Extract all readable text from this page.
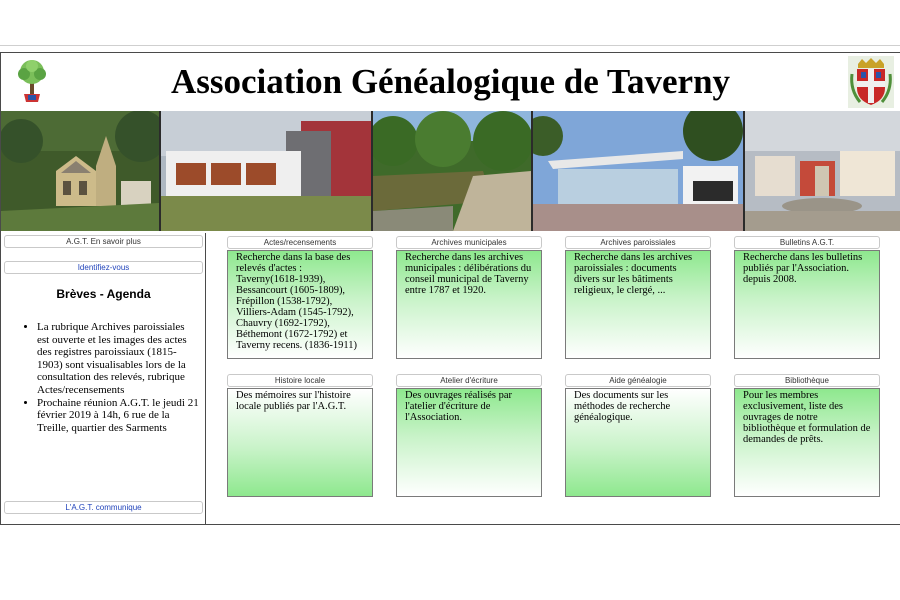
Association Généalogique de Taverny
A.G.T. En savoir plus
Identifiez-vous
Brèves - Agenda
• La rubrique Archives paroissiales est ouverte et les images des actes des registres paroissiaux (1815-1903) sont visualisables lors de la consultation des relevés, rubrique Actes/recensements
• Prochaine réunion A.G.T. le jeudi 21 février 2019 à 14h, 6 rue de la Treille, quartier des Sarments
L'A.G.T. communique
Actes/recensements
Recherche dans la base des relevés d'actes : Taverny(1618-1939), Bessancourt (1605-1809), Frépillon (1538-1792), Villiers-Adam (1545-1792), Chauvry (1692-1792), Béthemont (1672-1792) et Taverny recens. (1836-1911)
Archives municipales
Recherche dans les archives municipales : délibérations du conseil municipal de Taverny entre 1787 et 1920.
Archives paroissiales
Recherche dans les archives paroissiales : documents divers sur les bâtiments religieux, le clergé, ...
Bulletins A.G.T.
Recherche dans les bulletins publiés par l'Association. depuis 2008.
Histoire locale
Des mémoires sur l'histoire locale publiés par l'A.G.T.
Atelier d'écriture
Des ouvrages réalisés par l'atelier d'écriture de l'Association.
Aide généalogie
Des documents sur les méthodes de recherche généalogique.
Bibliothèque
Pour les membres exclusivement, liste des ouvrages de notre bibliothèque et formulation de demandes de prêts.
